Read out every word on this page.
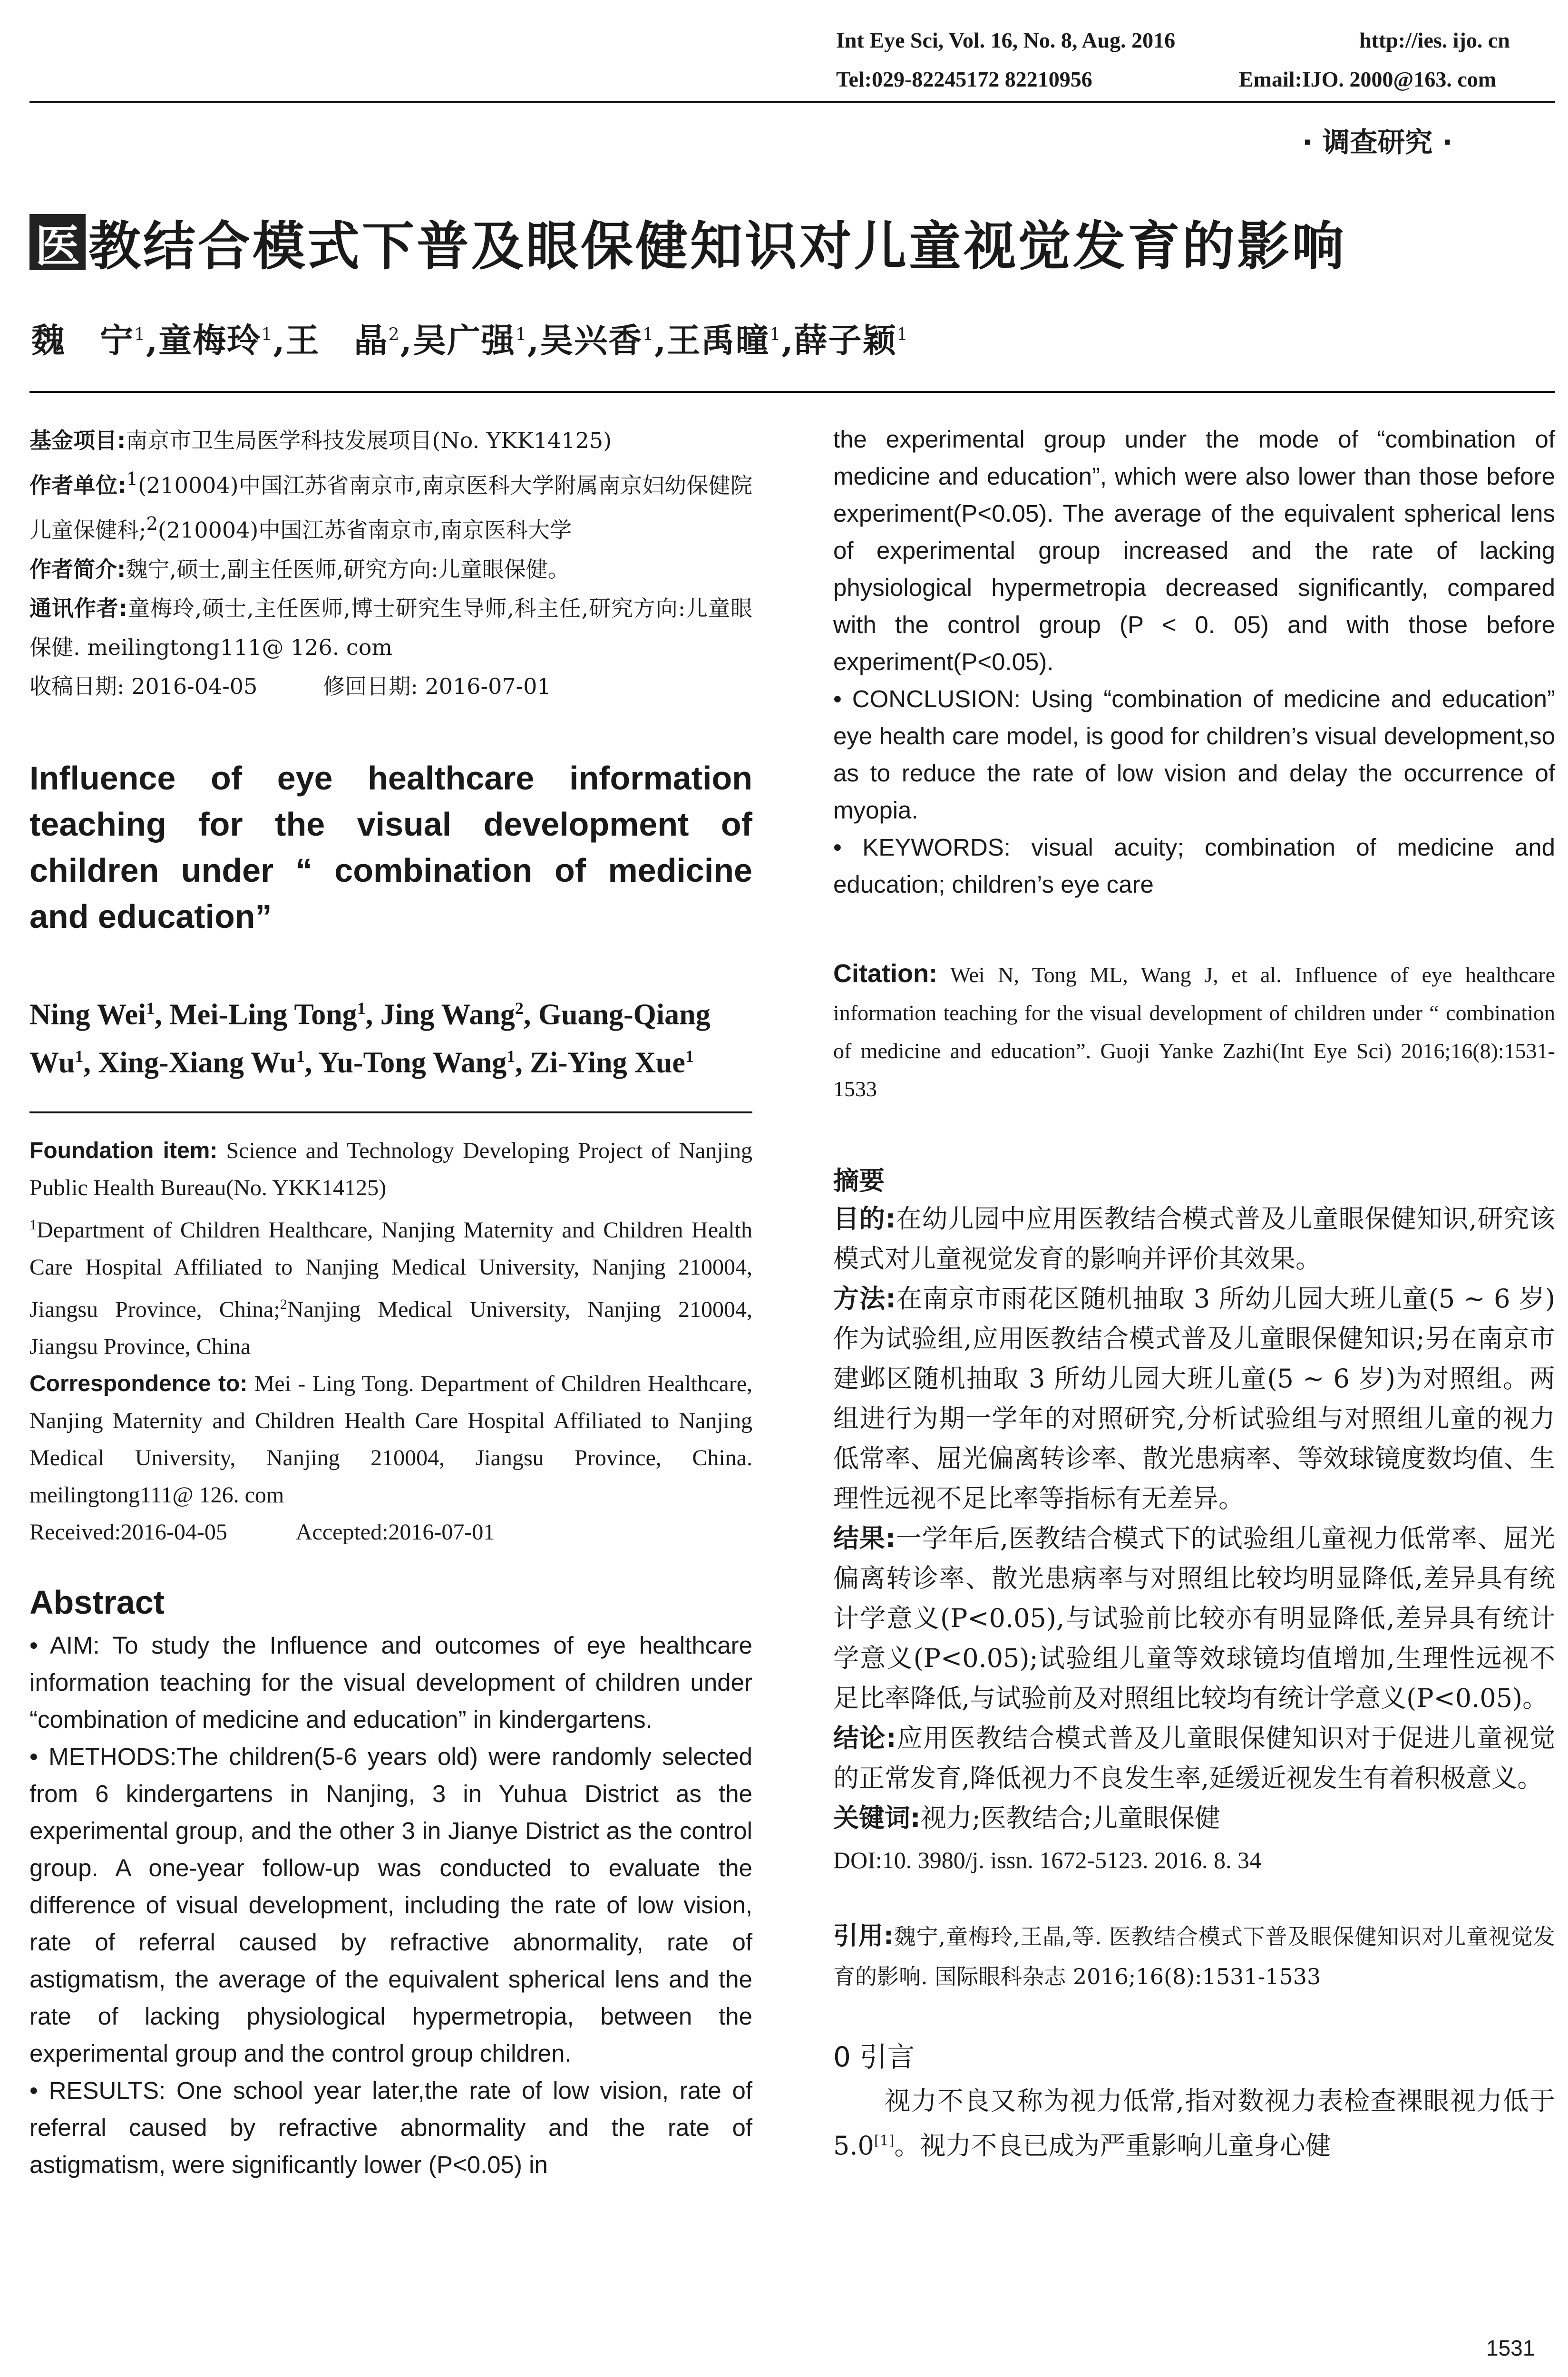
Int Eye Sci, Vol. 16, No. 8, Aug. 2016	http://ies. ijo. cn
Tel:029-82245172 82210956	Email:IJO. 2000@163. com
· 调查研究 ·
医 教结合模式下普及眼保健知识对儿童视觉发育的影响
魏　宁$^1$,童梅玲$^1$,王　晶$^2$,吴广强$^1$,吴兴香$^1$,王禹曈$^1$,薛子颖$^1$

基金项目:南京市卫生局医学科技发展项目(No. YKK14125)

作者单位:$^1$(210004)中国江苏省南京市,南京医科大学附属南京妇幼保健院儿童保健科;$^2$(210004)中国江苏省南京市,南京医科大学

作者简介:魏宁,硕士,副主任医师,研究方向:儿童眼保健。

通讯作者:童梅玲,硕士,主任医师,博士研究生导师,科主任,研究方向:儿童眼保健. meilingtong111@ 126. com

收稿日期: 2016-04-05   	修回日期: 2016-07-01

Influence of eye healthcare information teaching for the visual development of children under “ combination of medicine and education”
Ning Wei$^1$, Mei-Ling Tong$^1$, Jing Wang$^2$, Guang-Qiang Wu$^1$, Xing-Xiang Wu$^1$, Yu-Tong Wang$^1$, Zi-Ying Xue$^1$

Foundation item: Science and Technology Developing Project of Nanjing Public Health Bureau(No. YKK14125)

$^1$Department of Children Healthcare, Nanjing Maternity and Children Health Care Hospital Affiliated to Nanjing Medical University, Nanjing 210004, Jiangsu Province, China;$^2$Nanjing Medical University, Nanjing 210004, Jiangsu Province, China

Correspondence to: Mei - Ling Tong. Department of Children Healthcare, Nanjing Maternity and Children Health Care Hospital Affiliated to Nanjing Medical University, Nanjing 210004, Jiangsu Province, China. meilingtong111@ 126. com

Received:2016-04-05   	Accepted:2016-07-01

Abstract

• AIM: To study the Influence and outcomes of eye healthcare information teaching for the visual development of children under “combination of medicine and education” in kindergartens.

• METHODS:The children(5-6 years old) were randomly selected from 6 kindergartens in Nanjing, 3 in Yuhua District as the experimental group, and the other 3 in Jianye District as the control group. A one-year follow-up was conducted to evaluate the difference of visual development, including the rate of low vision, rate of referral caused by refractive abnormality, rate of astigmatism, the average of the equivalent spherical lens and the rate of lacking physiological hypermetropia, between the experimental group and the control group children.

• RESULTS: One school year later,the rate of low vision, rate of referral caused by refractive abnormality and the rate of astigmatism, were significantly lower (P<0.05) in

the experimental group under the mode of “combination of medicine and education”, which were also lower than those before experiment(P<0.05). The average of the equivalent spherical lens of experimental group increased and the rate of lacking physiological hypermetropia decreased significantly, compared with the control group (P < 0. 05) and with those before experiment(P<0.05).

• CONCLUSION: Using “combination of medicine and education” eye health care model, is good for children’s visual development,so as to reduce the rate of low vision and delay the occurrence of myopia.

• KEYWORDS: visual acuity; combination of medicine and education; children’s eye care

Citation: Wei N, Tong ML, Wang J, et al. Influence of eye healthcare information teaching for the visual development of children under “ combination of medicine and education”. Guoji Yanke Zazhi(Int Eye Sci) 2016;16(8):1531-1533
摘要

目的:在幼儿园中应用医教结合模式普及儿童眼保健知识,研究该模式对儿童视觉发育的影响并评价其效果。

方法:在南京市雨花区随机抽取 3 所幼儿园大班儿童(5 ~ 6 岁)作为试验组,应用医教结合模式普及儿童眼保健知识;另在南京市建邺区随机抽取 3 所幼儿园大班儿童(5 ~ 6 岁)为对照组。两组进行为期一学年的对照研究,分析试验组与对照组儿童的视力低常率、屈光偏离转诊率、散光患病率、等效球镜度数均值、生理性远视不足比率等指标有无差异。

结果:一学年后,医教结合模式下的试验组儿童视力低常率、屈光偏离转诊率、散光患病率与对照组比较均明显降低,差异具有统计学意义(P<0.05),与试验前比较亦有明显降低,差异具有统计学意义(P<0.05);试验组儿童等效球镜均值增加,生理性远视不足比率降低,与试验前及对照组比较均有统计学意义(P<0.05)。

结论:应用医教结合模式普及儿童眼保健知识对于促进儿童视觉的正常发育,降低视力不良发生率,延缓近视发生有着积极意义。

关键词:视力;医教结合;儿童眼保健

DOI:10. 3980/j. issn. 1672-5123. 2016. 8. 34
引用:魏宁,童梅玲,王晶,等. 医教结合模式下普及眼保健知识对儿童视觉发育的影响. 国际眼科杂志 2016;16(8):1531-1533
0 引言
视力不良又称为视力低常,指对数视力表检查裸眼视力低于 5.0[1]。视力不良已成为严重影响儿童身心健
1531
